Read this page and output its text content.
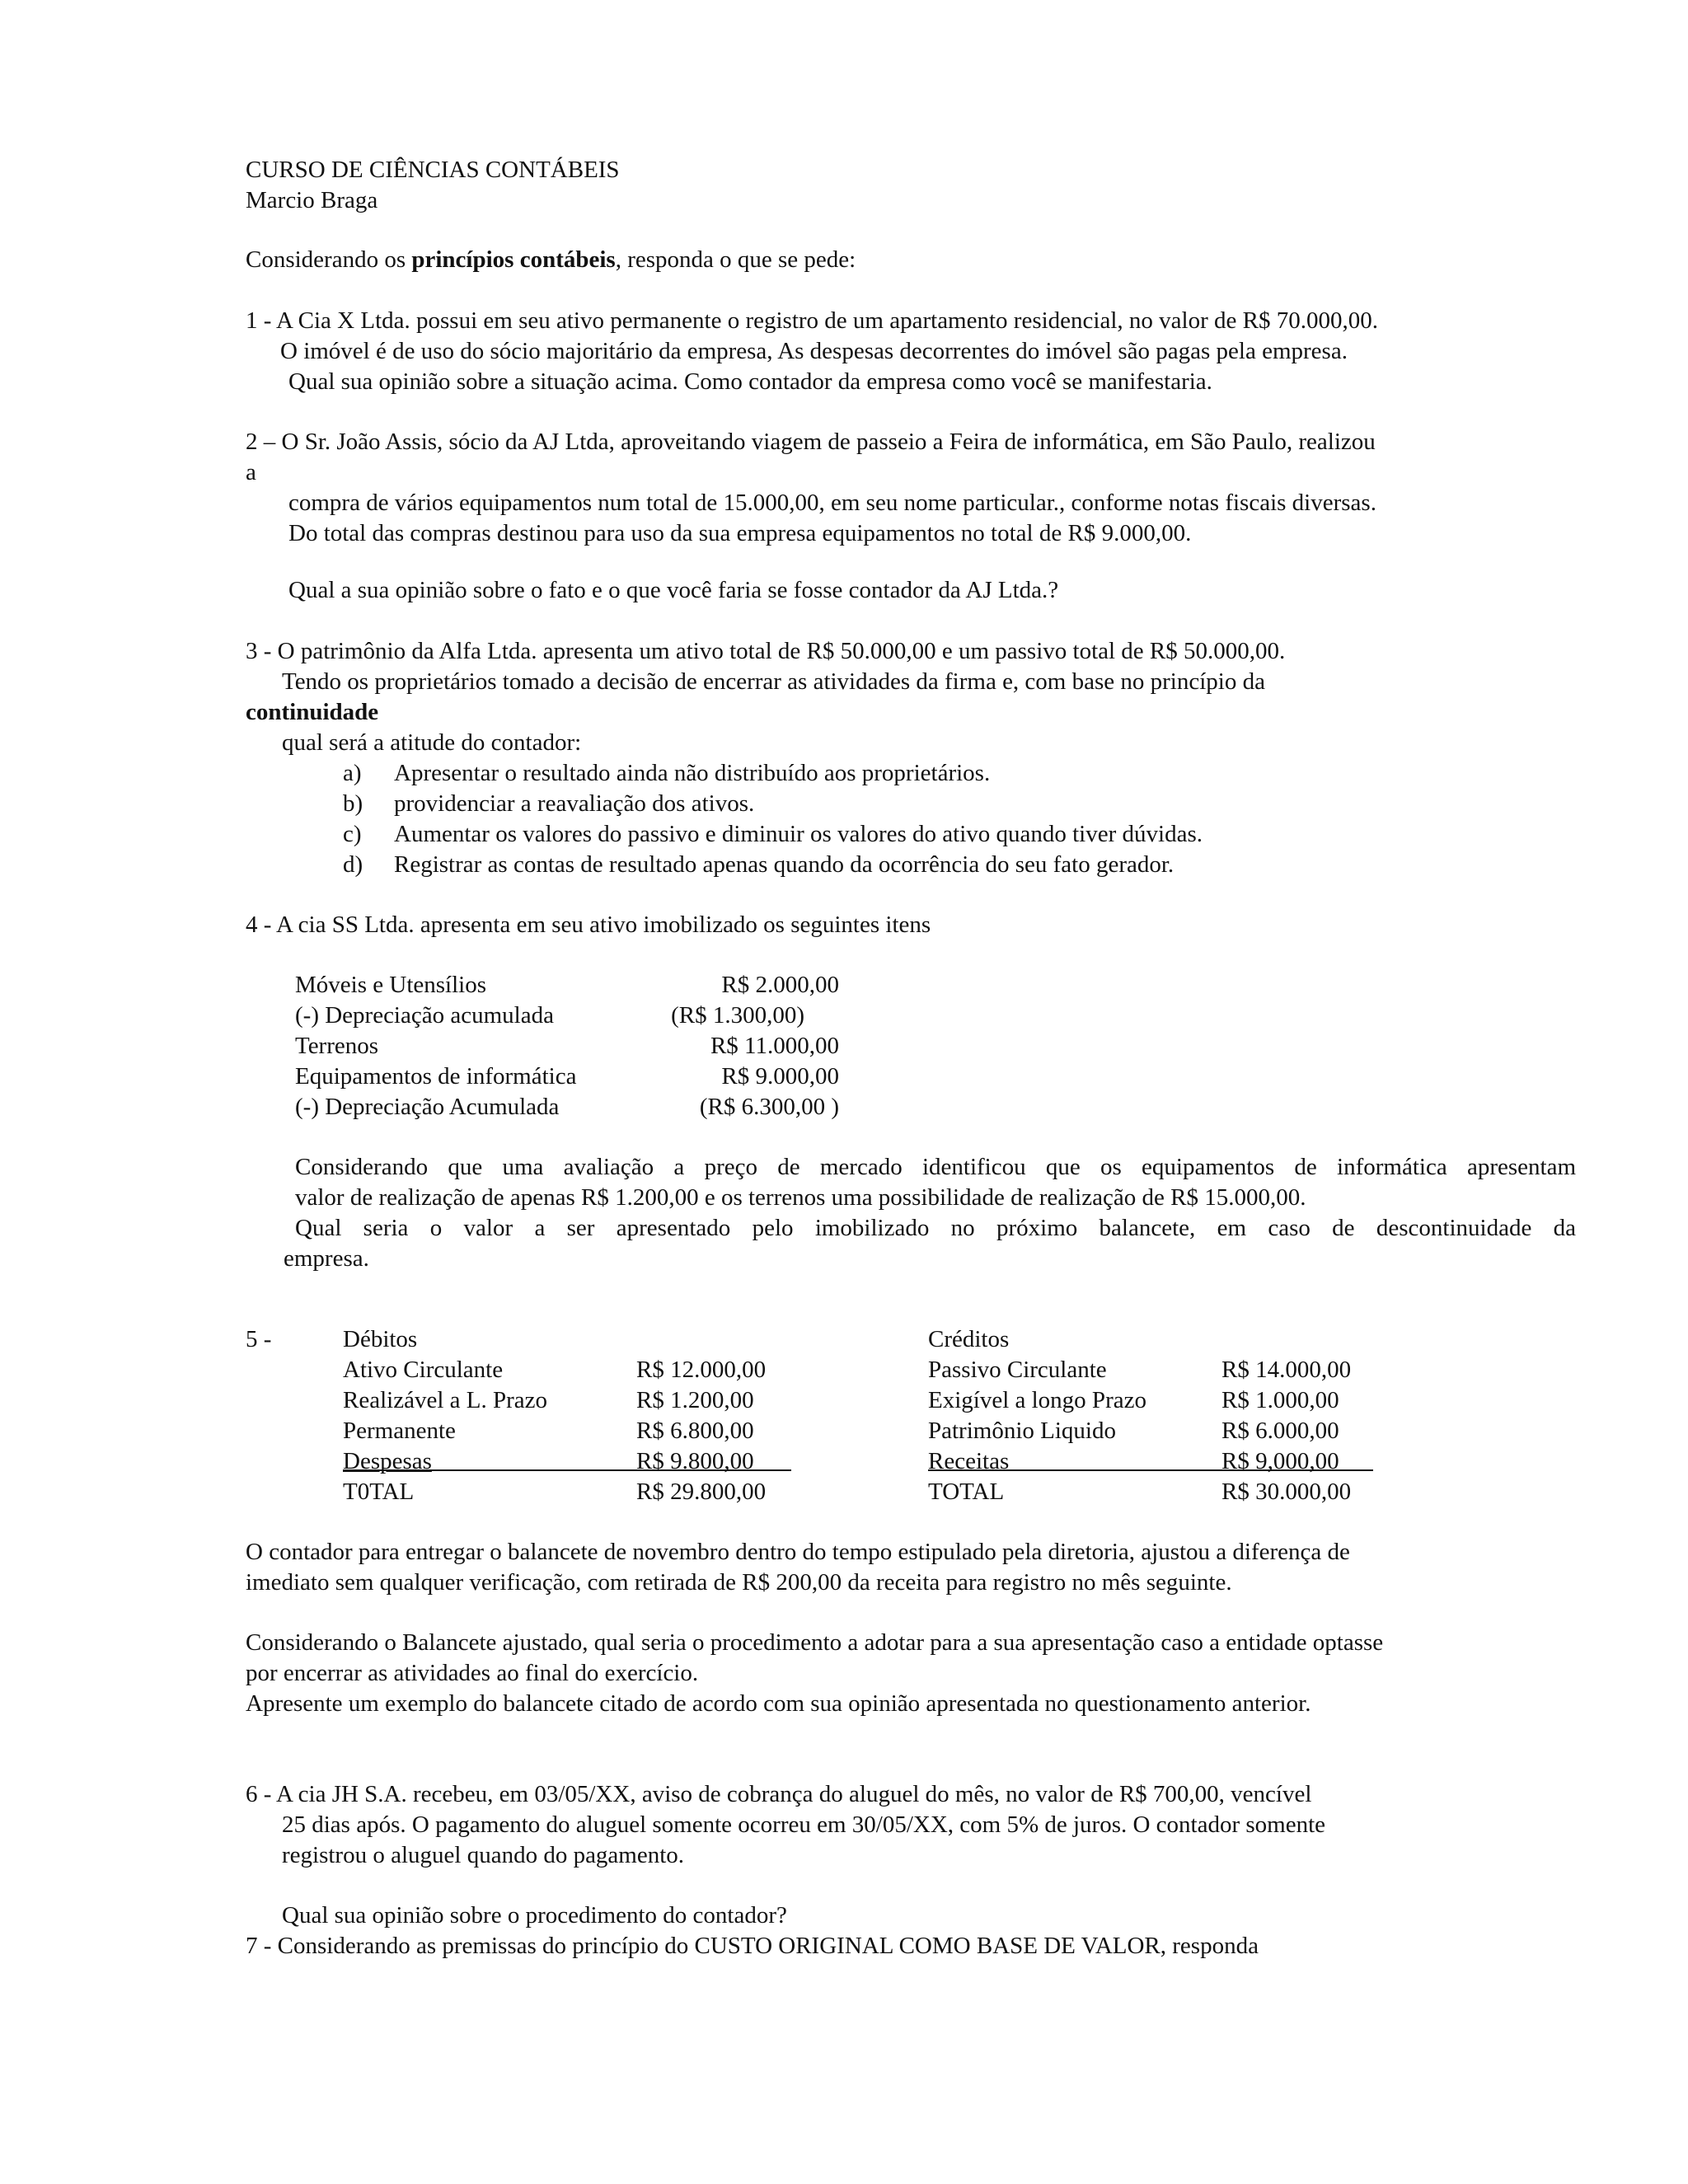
CURSO DE CIÊNCIAS CONTÁBEIS
Marcio Braga
Considerando os princípios contábeis, responda o que se pede:
1 - A Cia X Ltda. possui em seu ativo permanente o registro de um apartamento residencial, no valor de R$ 70.000,00.
O imóvel é de uso do sócio majoritário da empresa, As despesas decorrentes do imóvel são pagas pela empresa.
Qual sua opinião sobre a situação acima. Como contador da empresa como você se manifestaria.
2 – O Sr. João Assis, sócio da AJ Ltda, aproveitando viagem de passeio a Feira de informática, em São Paulo, realizou
a
compra de vários equipamentos num total de 15.000,00, em seu nome particular., conforme notas fiscais diversas.
Do total das compras destinou para uso da sua empresa equipamentos no total de R$ 9.000,00.
Qual a sua opinião sobre o fato e o que você faria se fosse contador da AJ Ltda.?
3 - O patrimônio da Alfa Ltda. apresenta um ativo total de R$ 50.000,00 e um passivo total de R$ 50.000,00.
Tendo os proprietários tomado a decisão de encerrar as atividades da firma e, com base no princípio da
continuidade
qual será a atitude do contador:
a) Apresentar o resultado ainda não distribuído aos proprietários.
b) providenciar a reavaliação dos ativos.
c) Aumentar os valores do passivo e diminuir os valores do ativo quando tiver dúvidas.
d) Registrar as contas de resultado apenas quando da ocorrência do seu fato gerador.
4 - A cia SS Ltda. apresenta em seu ativo imobilizado os seguintes itens
Móveis e Utensílios	R$ 2.000,00
(-) Depreciação acumulada	(R$ 1.300,00)
Terrenos	R$ 11.000,00
Equipamentos de informática	R$ 9.000,00
(-) Depreciação Acumulada	(R$ 6.300,00 )
Considerando que uma avaliação a preço de mercado identificou que os equipamentos de informática apresentam
valor de realização de apenas R$ 1.200,00 e os terrenos uma possibilidade de realização de R$ 15.000,00.
Qual seria o valor a ser apresentado pelo imobilizado no próximo balancete, em caso de descontinuidade da
empresa.
5 -	Débitos
Ativo Circulante	R$ 12.000,00
Realizável a L. Prazo	R$ 1.200,00
Permanente	R$ 6.800,00
Despesas	R$ 9.800,00
T0TAL	R$ 29.800,00
Créditos
Passivo Circulante	R$ 14.000,00
Exigível a longo Prazo	R$ 1.000,00
Patrimônio Liquido	R$ 6.000,00
Receitas	R$ 9,000,00
TOTAL	R$ 30.000,00
O contador para entregar o balancete de novembro dentro do tempo estipulado pela diretoria, ajustou a diferença de
imediato sem qualquer verificação, com retirada de R$ 200,00 da receita para registro no mês seguinte.
Considerando o Balancete ajustado, qual seria o procedimento a adotar para a sua apresentação caso a entidade optasse
por encerrar as atividades ao final do exercício.
Apresente um exemplo do balancete citado de acordo com sua opinião apresentada no questionamento anterior.
6 - A cia JH S.A. recebeu, em 03/05/XX, aviso de cobrança do aluguel do mês, no valor de R$ 700,00, vencível
25 dias após. O pagamento do aluguel somente ocorreu em 30/05/XX, com 5% de juros. O contador somente
registrou o aluguel quando do pagamento.
Qual sua opinião sobre o procedimento do contador?
7 - Considerando as premissas do princípio do CUSTO ORIGINAL COMO BASE DE VALOR, responda
